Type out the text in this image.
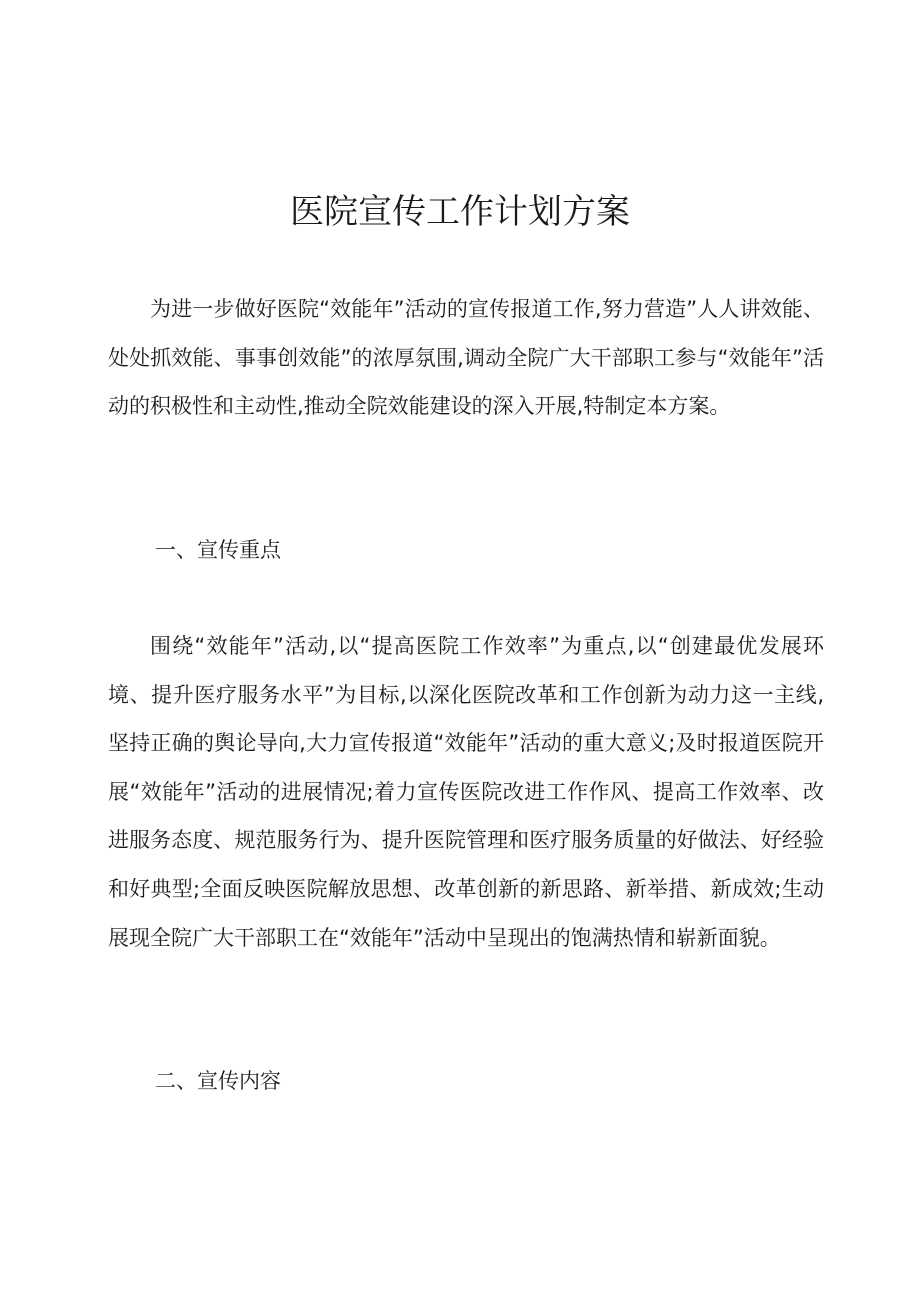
医院宣传工作计划方案

为进一步做好医院“效能年”活动的宣传报道工作,努力营造”人人讲效能、处处抓效能、事事创效能”的浓厚氛围,调动全院广大干部职工参与“效能年”活动的积极性和主动性,推动全院效能建设的深入开展,特制定本方案。

一、宣传重点

围绕“效能年”活动,以“提高医院工作效率”为重点,以“创建最优发展环境、提升医疗服务水平”为目标,以深化医院改革和工作创新为动力这一主线,坚持正确的舆论导向,大力宣传报道“效能年”活动的重大意义;及时报道医院开展“效能年”活动的进展情况;着力宣传医院改进工作作风、提高工作效率、改进服务态度、规范服务行为、提升医院管理和医疗服务质量的好做法、好经验和好典型;全面反映医院解放思想、改革创新的新思路、新举措、新成效;生动展现全院广大干部职工在“效能年”活动中呈现出的饱满热情和崭新面貌。

二、宣传内容
